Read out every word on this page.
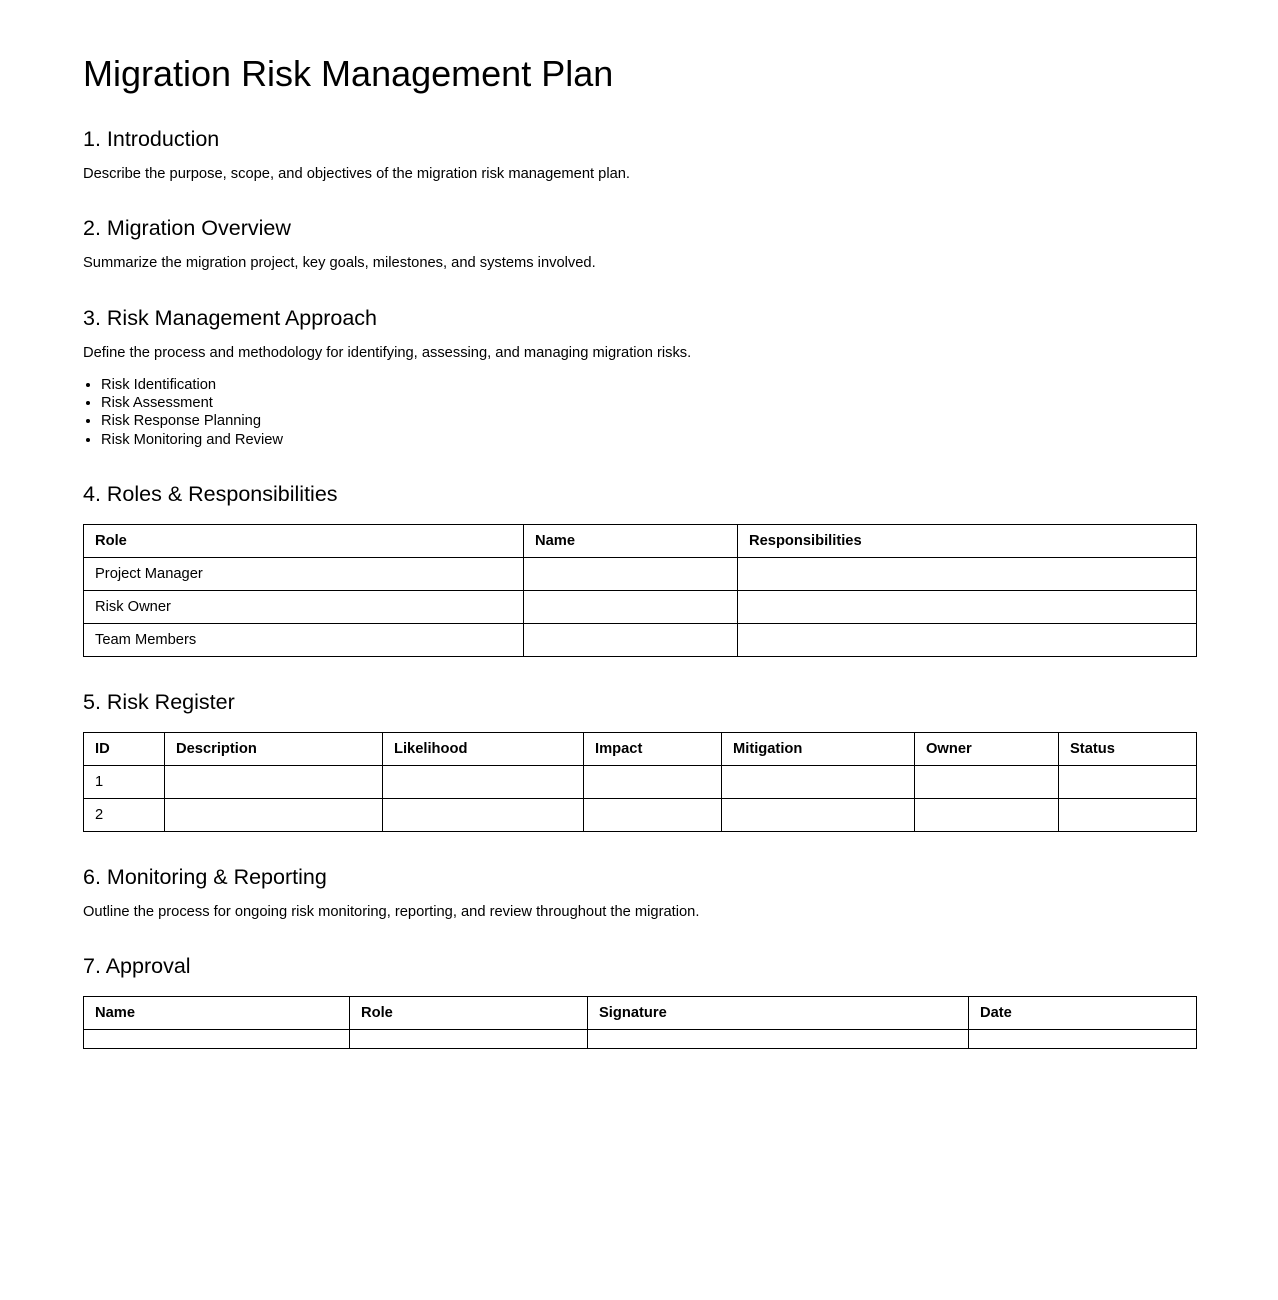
Migration Risk Management Plan
1. Introduction

Describe the purpose, scope, and objectives of the migration risk management plan.

2. Migration Overview

Summarize the migration project, key goals, milestones, and systems involved.

3. Risk Management Approach

Define the process and methodology for identifying, assessing, and managing migration risks.

• Risk Identification
• Risk Assessment
• Risk Response Planning
• Risk Monitoring and Review
4. Roles & Responsibilities
Role	Name	Responsibilities
Project Manager		
Risk Owner		
Team Members		
5. Risk Register
ID	Description	Likelihood	Impact	Mitigation	Owner	Status
1						
2						
6. Monitoring & Reporting

Outline the process for ongoing risk monitoring, reporting, and review throughout the migration.

7. Approval
Name	Role	Signature	Date
